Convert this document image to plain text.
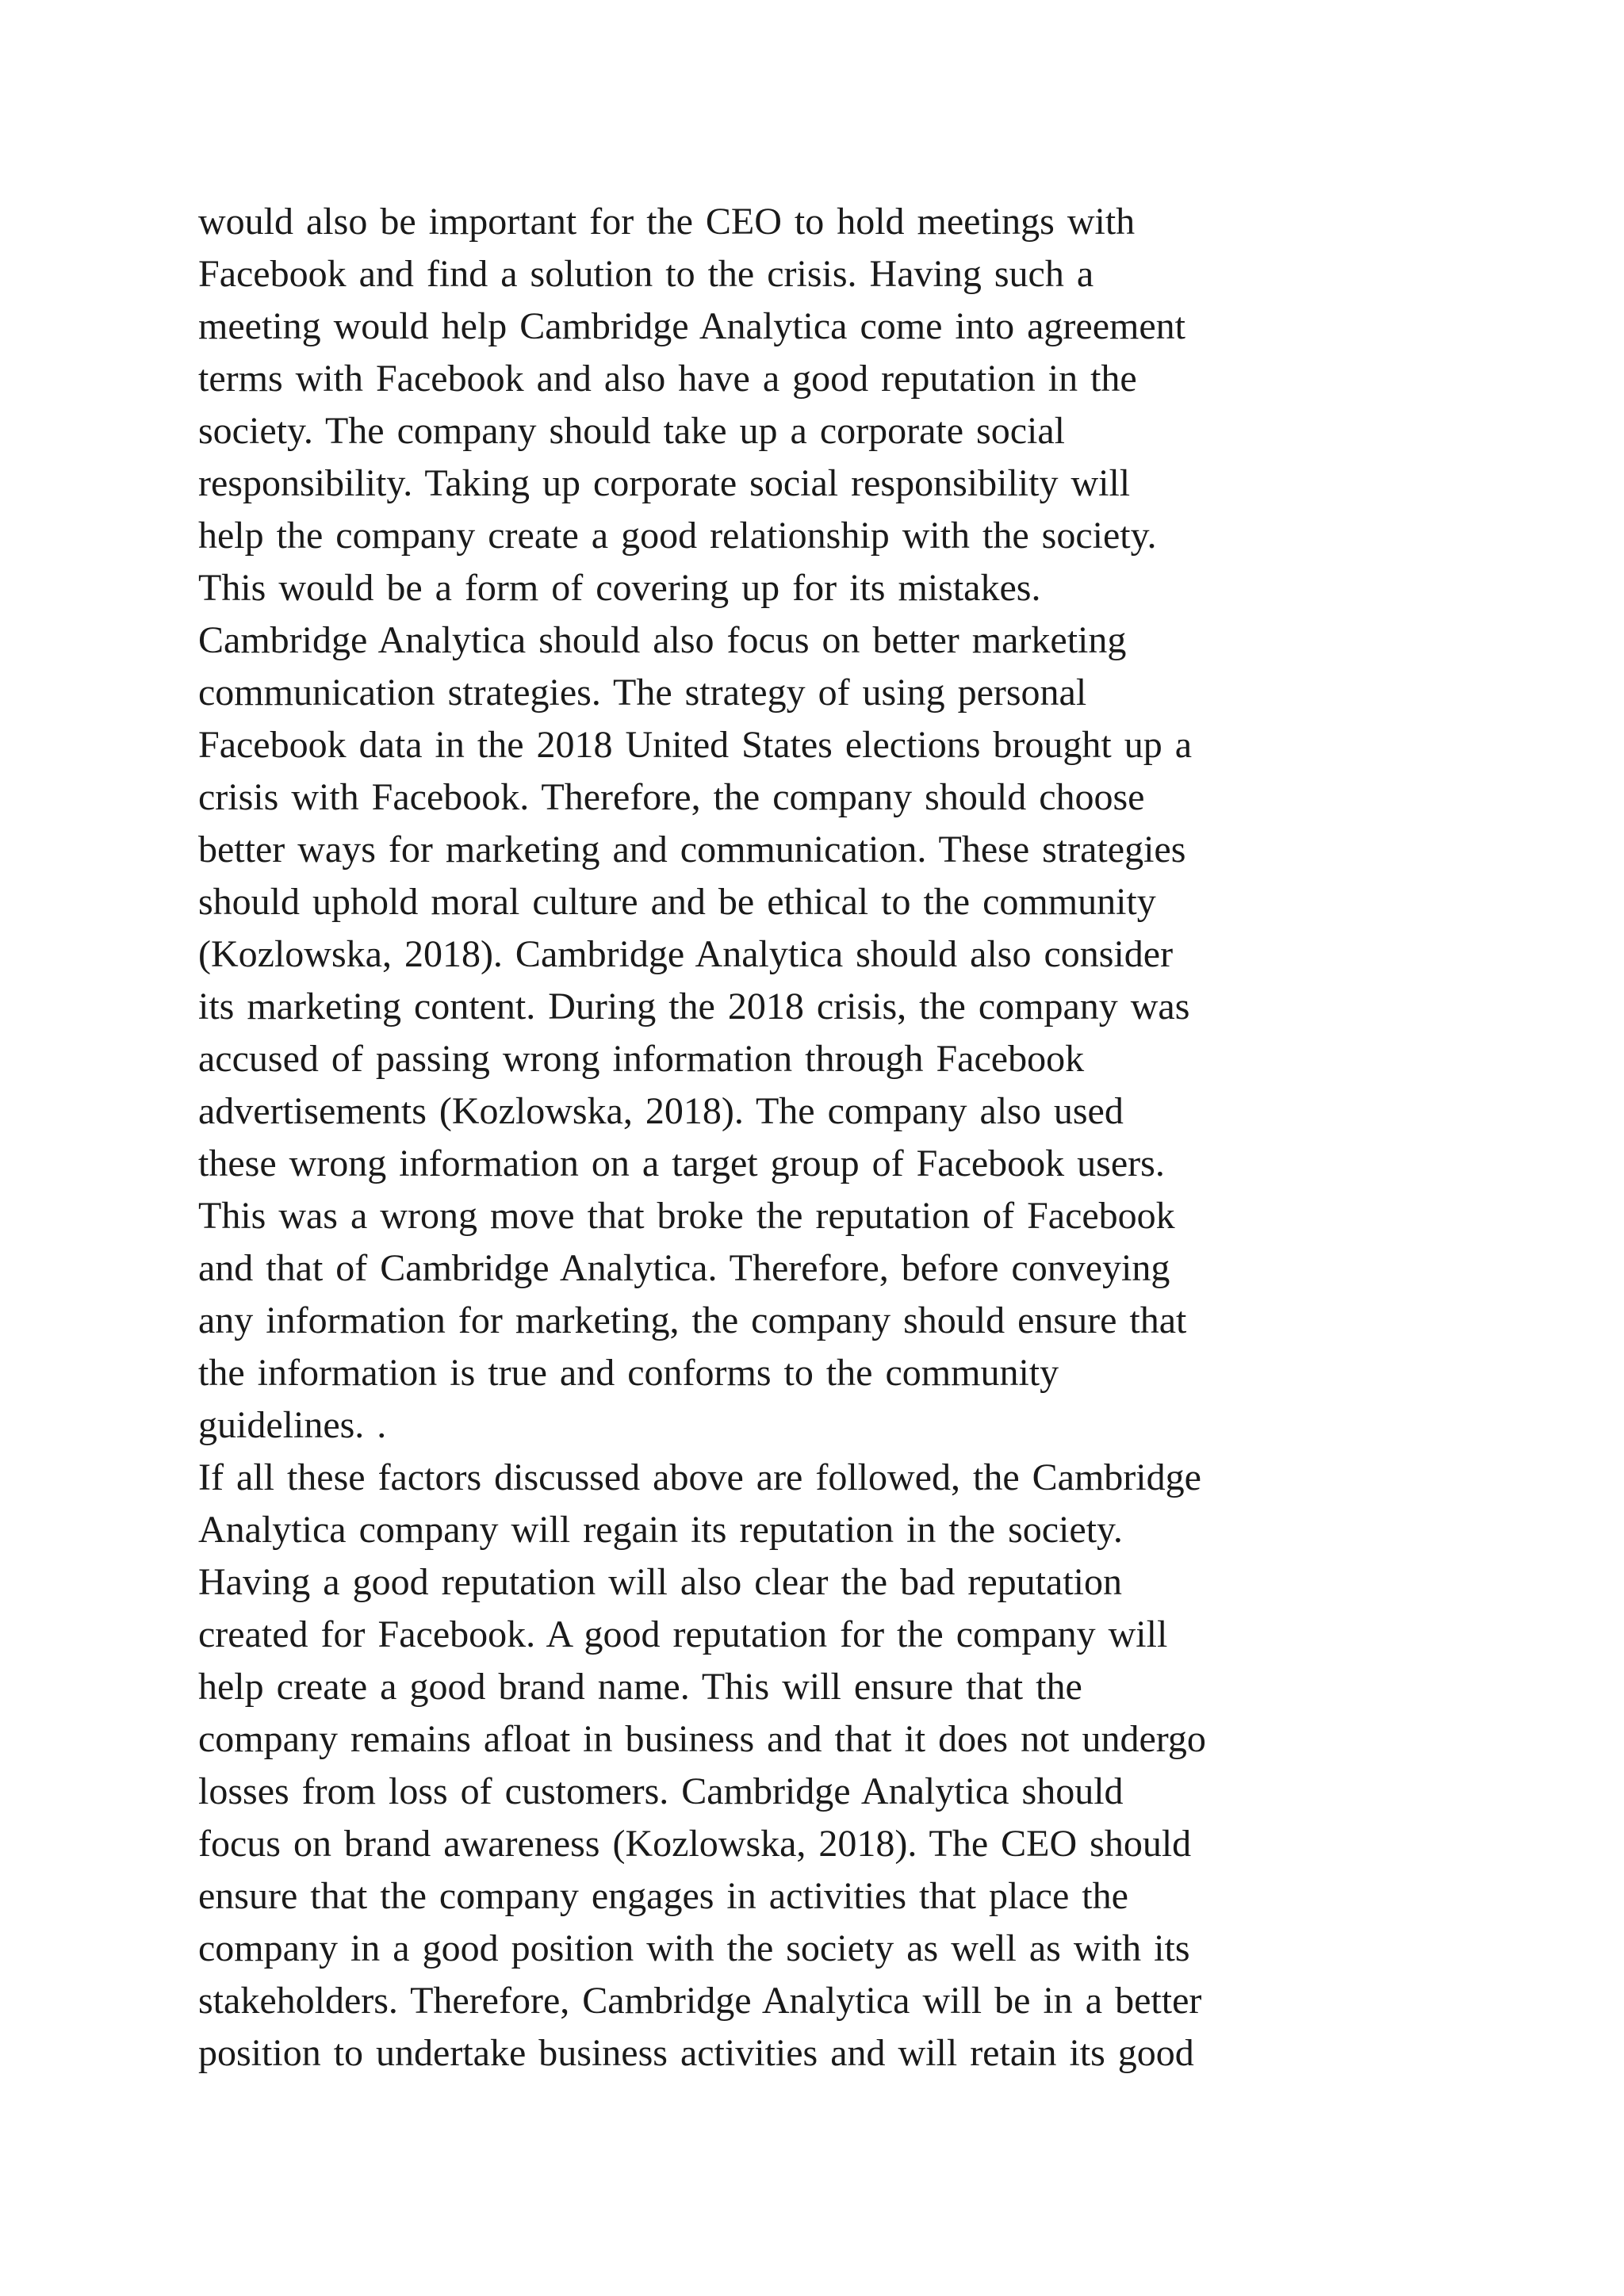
would also be important for the CEO to hold meetings with
Facebook and find a solution to the crisis. Having such a
meeting would help Cambridge Analytica come into agreement
terms with Facebook and also have a good reputation in the
society. The company should take up a corporate social
responsibility. Taking up corporate social responsibility will
help the company create a good relationship with the society.
This would be a form of covering up for its mistakes.
Cambridge Analytica should also focus on better marketing
communication strategies. The strategy of using personal
Facebook data in the 2018 United States elections brought up a
crisis with Facebook. Therefore, the company should choose
better ways for marketing and communication. These strategies
should uphold moral culture and be ethical to the community
(Kozlowska, 2018). Cambridge Analytica should also consider
its marketing content. During the 2018 crisis, the company was
accused of passing wrong information through Facebook
advertisements (Kozlowska, 2018). The company also used
these wrong information on a target group of Facebook users.
This was a wrong move that broke the reputation of Facebook
and that of Cambridge Analytica. Therefore, before conveying
any information for marketing, the company should ensure that
the information is true and conforms to the community
guidelines. .
If all these factors discussed above are followed, the Cambridge
Analytica company will regain its reputation in the society.
Having a good reputation will also clear the bad reputation
created for Facebook. A good reputation for the company will
help create a good brand name. This will ensure that the
company remains afloat in business and that it does not undergo
losses from loss of customers. Cambridge Analytica should
focus on brand awareness (Kozlowska, 2018). The CEO should
ensure that the company engages in activities that place the
company in a good position with the society as well as with its
stakeholders. Therefore, Cambridge Analytica will be in a better
position to undertake business activities and will retain its good
